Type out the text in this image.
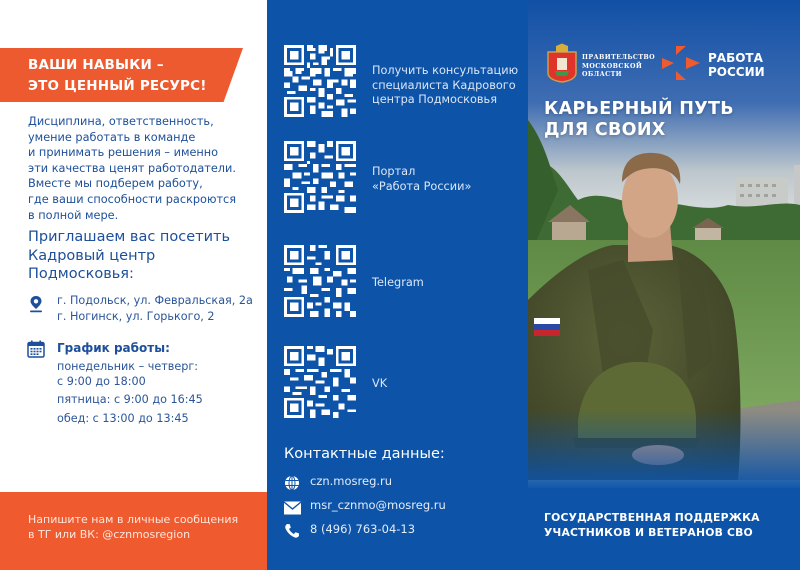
ВАШИ НАВЫКИ –
ЭТО ЦЕННЫЙ РЕСУРС!
Дисциплина, ответственность,
умение работать в команде
и принимать решения – именно
эти качества ценят работодатели.
Вместе мы подберем работу,
где ваши способности раскроются
в полной мере.
Приглашаем вас посетить
Кадровый центр
Подмосковья:
г. Подольск, ул. Февральская, 2а
г. Ногинск, ул. Горького, 2
График работы:
понедельник – четверг:
с 9:00 до 18:00
пятница: с 9:00 до 16:45
обед: с 13:00 до 13:45
Напишите нам в личные сообщения
в ТГ или ВК: @cznmosregion
Получить консультацию
специалиста Кадрового
центра Подмосковья
Портал
«Работа России»
Telegram
VK
Контактные данные:
czn.mosreg.ru
msr_cznmo@mosreg.ru
8 (496) 763-04-13
ПРАВИТЕЛЬСТВО
МОСКОВСКОЙ
ОБЛАСТИ
РАБОТА
РОССИИ
КАРЬЕРНЫЙ ПУТЬ
ДЛЯ СВОИХ
ГОСУДАРСТВЕННАЯ ПОДДЕРЖКА
УЧАСТНИКОВ И ВЕТЕРАНОВ СВО
